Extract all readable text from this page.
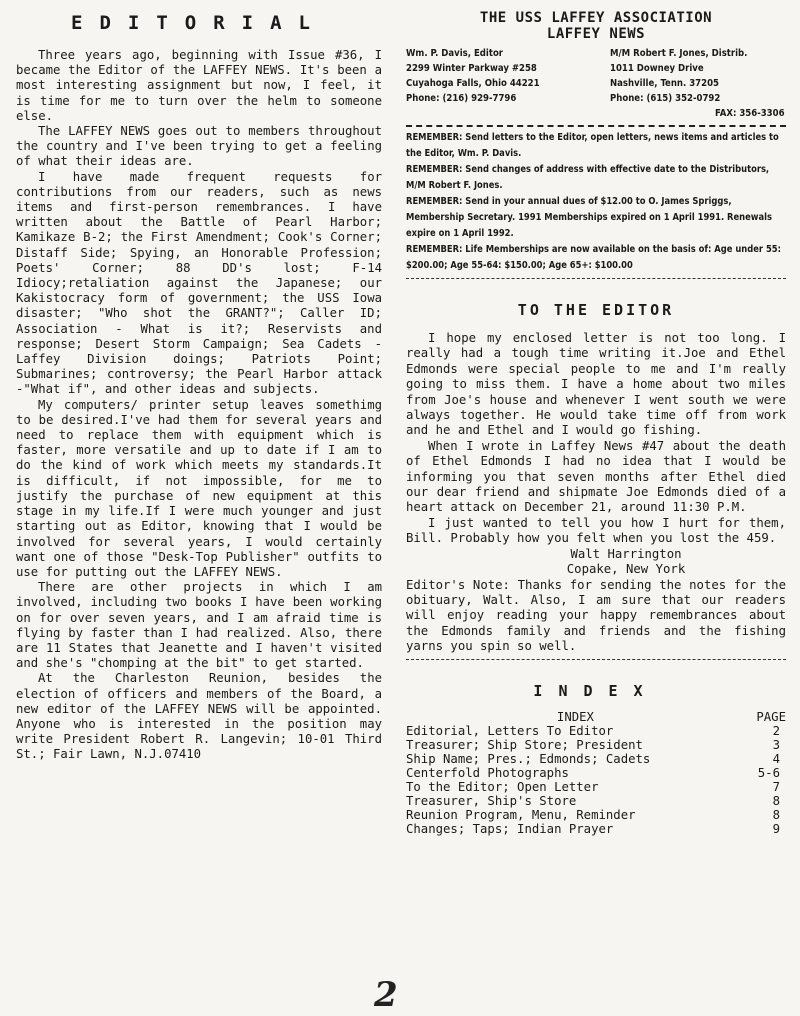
EDITORIAL

Three years ago, beginning with Issue #36, I became the Editor of the LAFFEY NEWS. It's been a most interesting assignment but now, I feel, it is time for me to turn over the helm to someone else.

The LAFFEY NEWS goes out to members throughout the country and I've been trying to get a feeling of what their ideas are.

I have made frequent requests for contributions from our readers, such as news items and first-person remembrances. I have written about the Battle of Pearl Harbor; Kamikaze B-2; the First Amendment; Cook's Corner; Distaff Side; Spying, an Honorable Profession; Poets' Corner; 88 DD's lost; F-14 Idiocy;retaliation against the Japanese; our Kakistocracy form of government; the USS Iowa disaster; "Who shot the GRANT?"; Caller ID; Association - What is it?; Reservists and response; Desert Storm Campaign; Sea Cadets - Laffey Division doings; Patriots Point; Submarines; controversy; the Pearl Harbor attack -"What if", and other ideas and subjects.

My computers/ printer setup leaves somethimg to be desired.I've had them for several years and need to replace them with equipment which is faster, more versatile and up to date if I am to do the kind of work which meets my standards.It is difficult, if not impossible, for me to justify the purchase of new equipment at this stage in my life.If I were much younger and just starting out as Editor, knowing that I would be involved for several years, I would certainly want one of those "Desk-Top Publisher" outfits to use for putting out the LAFFEY NEWS.

There are other projects in which I am involved, including two books I have been working on for over seven years, and I am afraid time is flying by faster than I had realized. Also, there are 11 States that Jeanette and I haven't visited and she's "chomping at the bit" to get started.

At the Charleston Reunion, besides the election of officers and members of the Board, a new editor of the LAFFEY NEWS will be appointed. Anyone who is interested in the position may write President Robert R. Langevin; 10-01 Third St.; Fair Lawn, N.J.07410

THE USS LAFFEY ASSOCIATION
LAFFEY NEWS
Wm. P. Davis, Editor
2299 Winter Parkway #258
Cuyahoga Falls, Ohio 44221
Phone: (216) 929-7796
M/M Robert F. Jones, Distrib.
1011 Downey Drive
Nashville, Tenn. 37205
Phone: (615) 352-0792
FAX: 356-3306
REMEMBER: Send letters to the Editor, open letters, news items and articles to the Editor, Wm. P. Davis.
REMEMBER: Send changes of address with effective date to the Distributors, M/M Robert F. Jones.
REMEMBER: Send in your annual dues of $12.00 to O. James Spriggs, Membership Secretary. 1991 Memberships expired on 1 April 1991. Renewals expire on 1 April 1992.
REMEMBER: Life Memberships are now available on the basis of: Age under 55: $200.00; Age 55-64: $150.00; Age 65+: $100.00
TO THE EDITOR

I hope my enclosed letter is not too long. I really had a tough time writing it.Joe and Ethel Edmonds were special people to me and I'm really going to miss them. I have a home about two miles from Joe's house and whenever I went south we were always together. He would take time off from work and he and Ethel and I would go fishing.

When I wrote in Laffey News #47 about the death of Ethel Edmonds I had no idea that I would be informing you that seven months after Ethel died our dear friend and shipmate Joe Edmonds died of a heart attack on December 21, around 11:30 P.M.

I just wanted to tell you how I hurt for them, Bill. Probably how you felt when you lost the 459.

Walt Harrington
Copake, New York
Editor's Note: Thanks for sending the notes for the obituary, Walt. Also, I am sure that our readers will enjoy reading your happy remembrances about the Edmonds family and friends and the fishing yarns you spin so well.
INDEX
INDEX	PAGE
Editorial, Letters To Editor	2
Treasurer; Ship Store; President	3
Ship Name; Pres.; Edmonds; Cadets	4
Centerfold Photographs	5-6
To the Editor; Open Letter	7
Treasurer, Ship's Store	8
Reunion Program, Menu, Reminder	8
Changes; Taps; Indian Prayer	9
2
